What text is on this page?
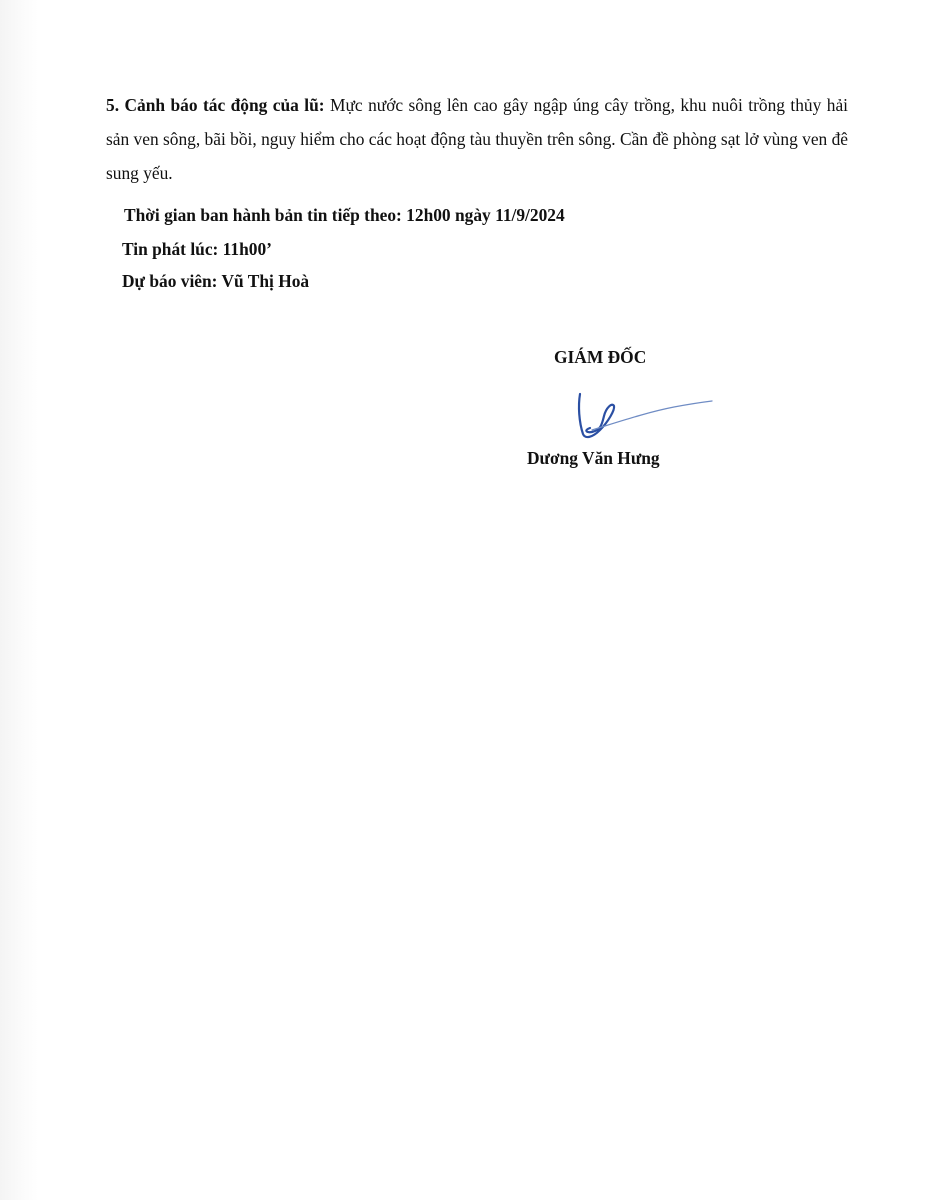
5. Cảnh báo tác động của lũ: Mực nước sông lên cao gây ngập úng cây trồng, khu nuôi trồng thủy hải sản ven sông, bãi bồi, nguy hiểm cho các hoạt động tàu thuyền trên sông. Cần đề phòng sạt lở vùng ven đê sung yếu.

Thời gian ban hành bản tin tiếp theo: 12h00 ngày 11/9/2024
Tin phát lúc: 11h00’
Dự báo viên: Vũ Thị Hoà
GIÁM ĐỐC
Dương Văn Hưng
